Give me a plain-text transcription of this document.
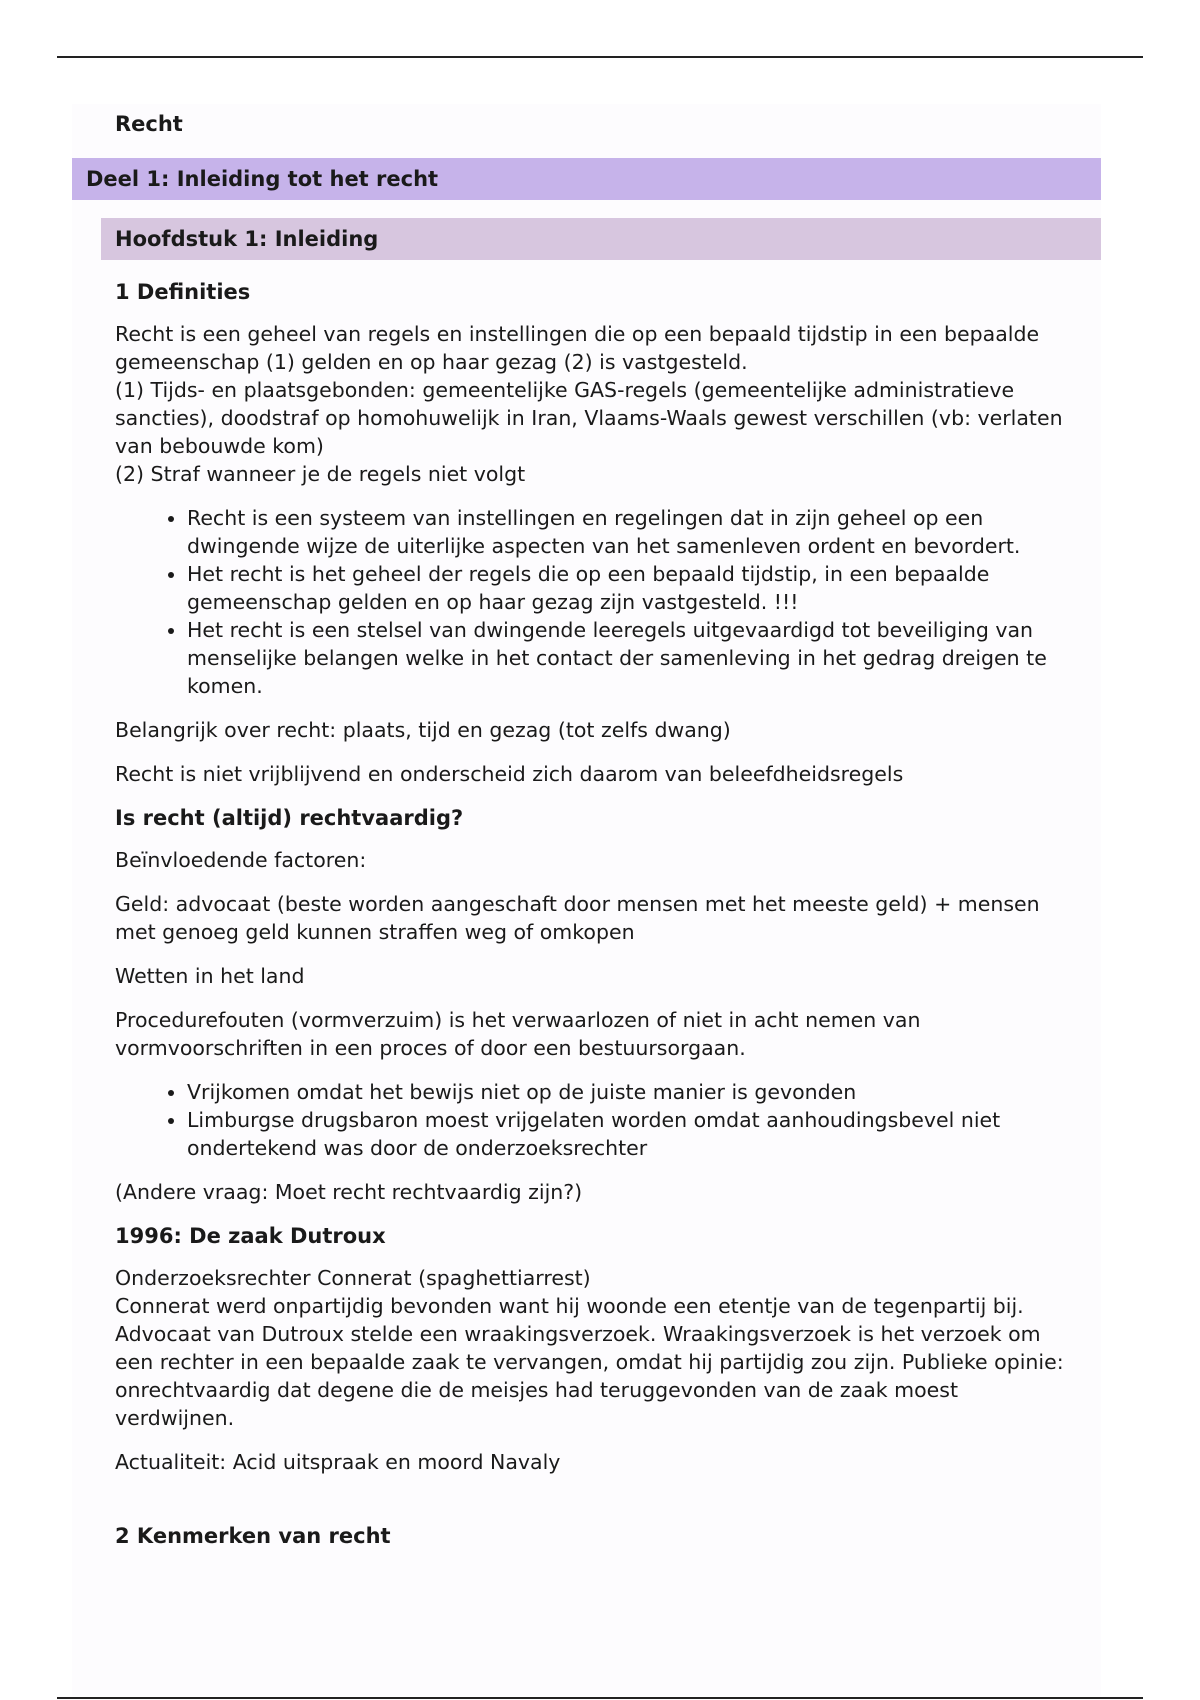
Recht
Deel 1: Inleiding tot het recht
Hoofdstuk 1: Inleiding
1 Definities

Recht is een geheel van regels en instellingen die op een bepaald tijdstip in een bepaalde gemeenschap (1) gelden en op haar gezag (2) is vastgesteld.
(1) Tijds- en plaatsgebonden: gemeentelijke GAS-regels (gemeentelijke administratieve sancties), doodstraf op homohuwelijk in Iran, Vlaams-Waals gewest verschillen (vb: verlaten van bebouwde kom)
(2) Straf wanneer je de regels niet volgt

• Recht is een systeem van instellingen en regelingen dat in zijn geheel op een dwingende wijze de uiterlijke aspecten van het samenleven ordent en bevordert.
• Het recht is het geheel der regels die op een bepaald tijdstip, in een bepaalde gemeenschap gelden en op haar gezag zijn vastgesteld. !!!
• Het recht is een stelsel van dwingende leeregels uitgevaardigd tot beveiliging van menselijke belangen welke in het contact der samenleving in het gedrag dreigen te komen.

Belangrijk over recht: plaats, tijd en gezag (tot zelfs dwang)

Recht is niet vrijblijvend en onderscheid zich daarom van beleefdheidsregels

Is recht (altijd) rechtvaardig?

Beïnvloedende factoren:

Geld: advocaat (beste worden aangeschaft door mensen met het meeste geld) + mensen met genoeg geld kunnen straffen weg of omkopen

Wetten in het land

Procedurefouten (vormverzuim) is het verwaarlozen of niet in acht nemen van vormvoorschriften in een proces of door een bestuursorgaan.

• Vrijkomen omdat het bewijs niet op de juiste manier is gevonden
• Limburgse drugsbaron moest vrijgelaten worden omdat aanhoudingsbevel niet ondertekend was door de onderzoeksrechter

(Andere vraag: Moet recht rechtvaardig zijn?)

1996: De zaak Dutroux

Onderzoeksrechter Connerat (spaghettiarrest)
Connerat werd onpartijdig bevonden want hij woonde een etentje van de tegenpartij bij. Advocaat van Dutroux stelde een wraakingsverzoek. Wraakingsverzoek is het verzoek om een rechter in een bepaalde zaak te vervangen, omdat hij partijdig zou zijn. Publieke opinie: onrechtvaardig dat degene die de meisjes had teruggevonden van de zaak moest verdwijnen.

Actualiteit: Acid uitspraak en moord Navaly

2 Kenmerken van recht
